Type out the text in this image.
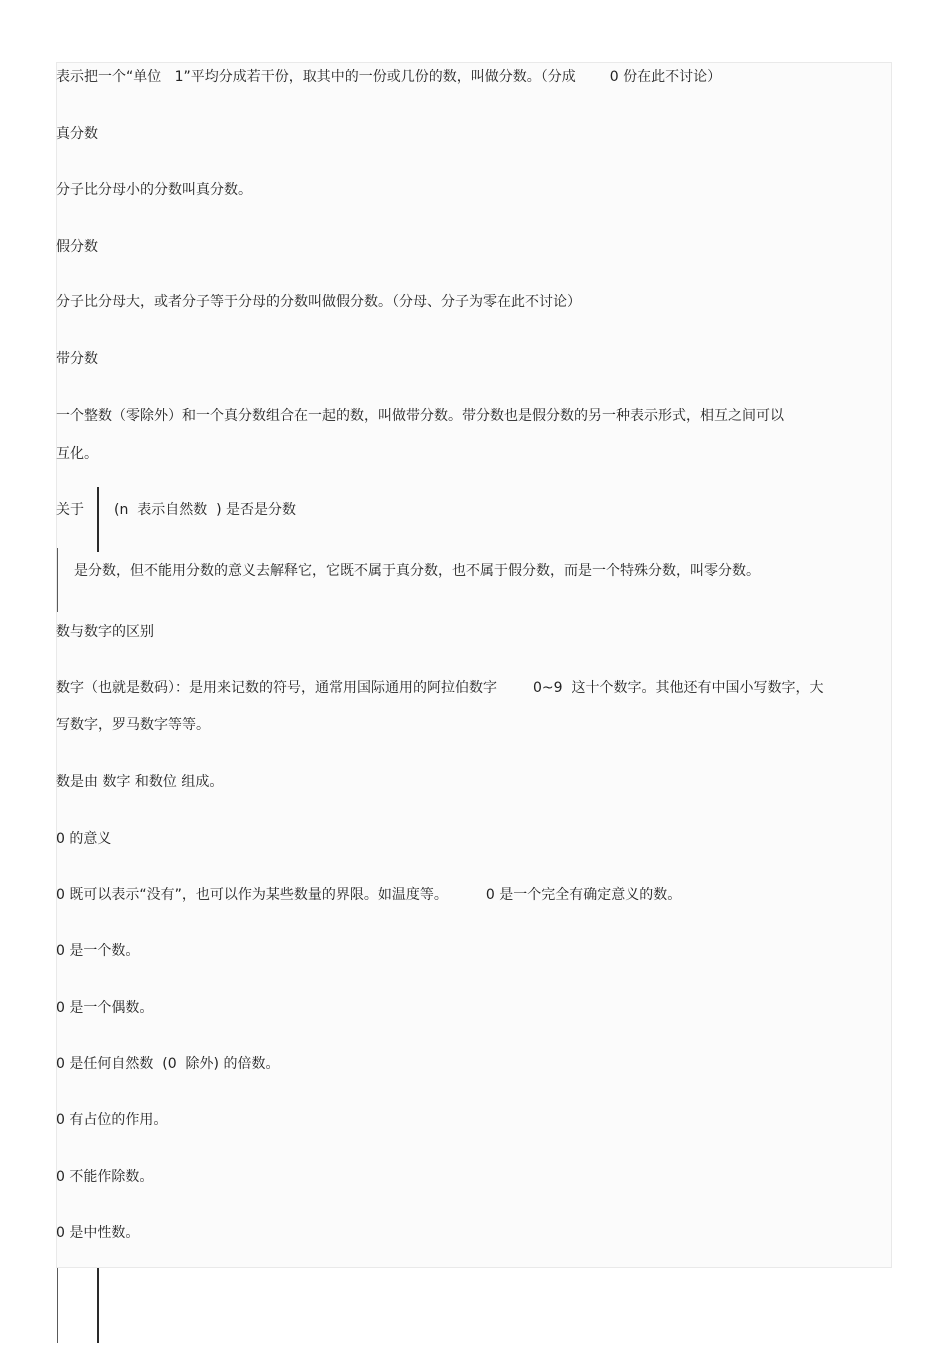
表示把一个“单位   1”平均分成若干份，取其中的一份或几份的数，叫做分数。（分成 0 份在此不讨论）
真分数
分子比分母小的分数叫真分数。
假分数
分子比分母大，或者分子等于分母的分数叫做假分数。（分母、分子为零在此不讨论）
带分数
一个整数（零除外）和一个真分数组合在一起的数，叫做带分数。带分数也是假分数的另一种表示形式，相互之间可以
互化。
关于 (n  表示自然数  ) 是否是分数
是分数，但不能用分数的意义去解释它，它既不属于真分数，也不属于假分数，而是一个特殊分数，叫零分数。
数与数字的区别
数字（也就是数码）：是用来记数的符号，通常用国际通用的阿拉伯数字	0~9  这十个数字。其他还有中国小写数字，大
写数字，罗马数字等等。
数是由 数字 和数位 组成。
0 的意义
0 既可以表示“没有”，也可以作为某些数量的界限。如温度等。	0 是一个完全有确定意义的数。
0 是一个数。
0 是一个偶数。
0 是任何自然数  (0  除外) 的倍数。
0 有占位的作用。
0 不能作除数。
0 是中性数。
